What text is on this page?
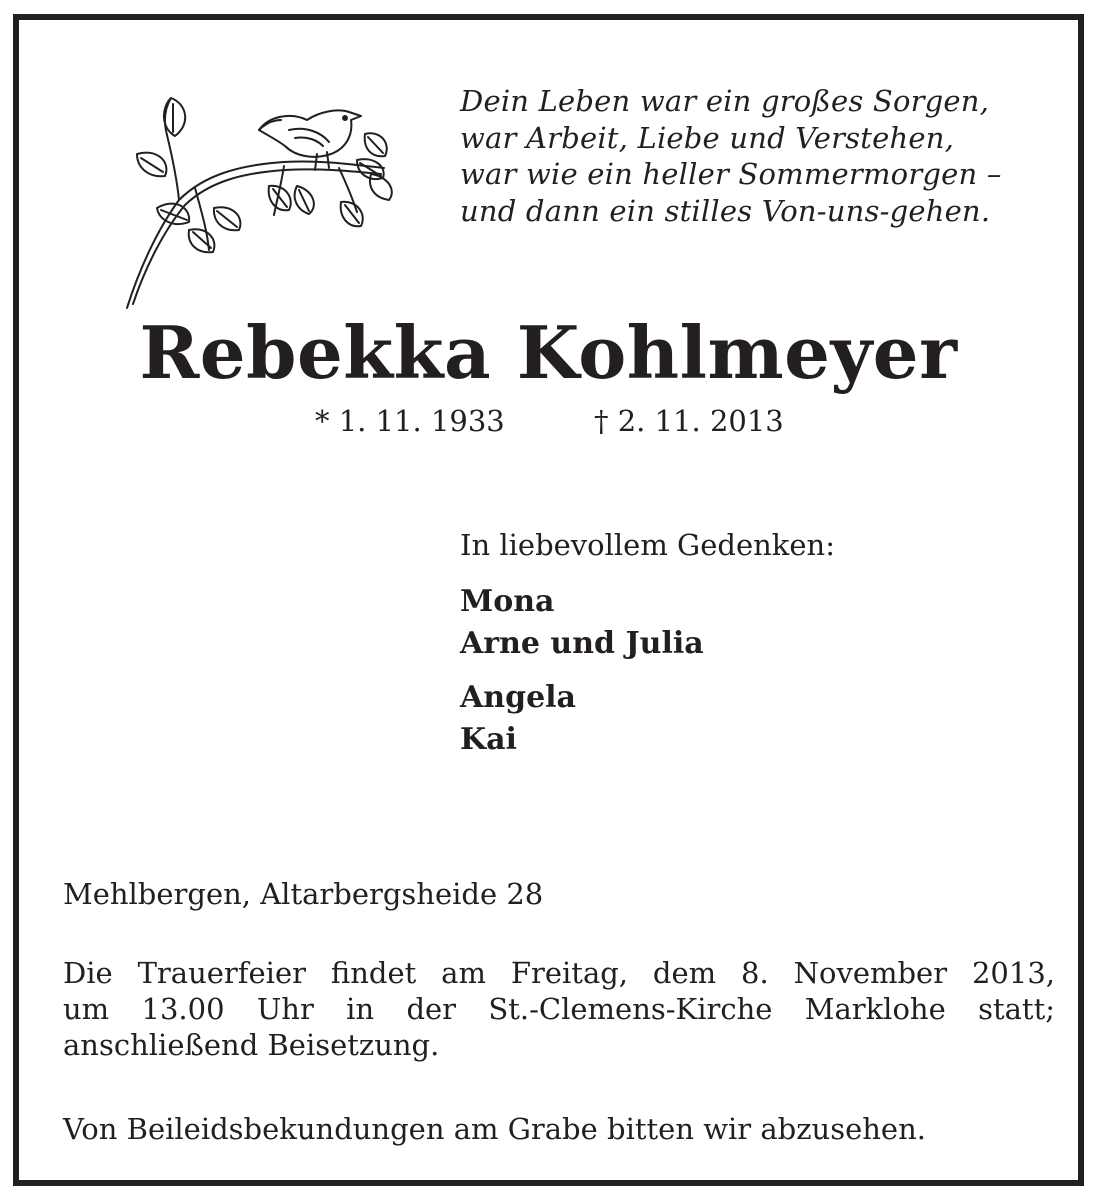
Dein Leben war ein großes Sorgen,
war Arbeit, Liebe und Verstehen,
war wie ein heller Sommermorgen –
und dann ein stilles Von-uns-gehen.
Rebekka Kohlmeyer
* 1. 11. 1933	† 2. 11. 2013
In liebevollem Gedenken:
Mona
Arne und Julia
Angela
Kai
Mehlbergen, Altarbergsheide 28
Die Trauerfeier findet am Freitag, dem 8. November 2013,
um 13.00 Uhr in der St.-Clemens-Kirche Marklohe statt;
anschließend Beisetzung.
Von Beileidsbekundungen am Grabe bitten wir abzusehen.
